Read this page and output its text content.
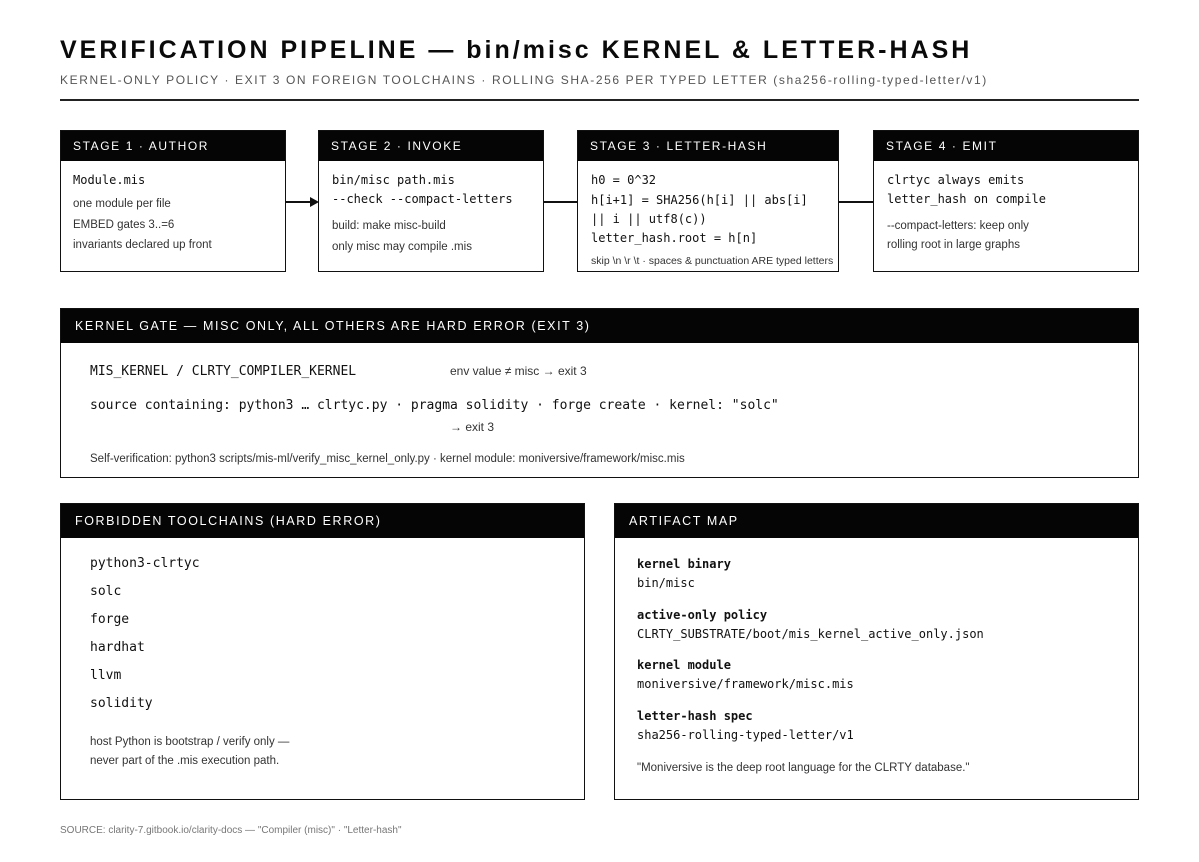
VERIFICATION PIPELINE — bin/misc KERNEL & LETTER-HASH
KERNEL-ONLY POLICY · EXIT 3 ON FOREIGN TOOLCHAINS · ROLLING SHA-256 PER TYPED LETTER (sha256-rolling-typed-letter/v1)
STAGE 1 · AUTHOR
Module.mis
one module per file
EMBED gates 3..=6
invariants declared up front
STAGE 2 · INVOKE
bin/misc path.mis
--check --compact-letters
build: make misc-build
only misc may compile .mis
STAGE 3 · LETTER-HASH
h0 = 0^32
h[i+1] = SHA256(h[i] || abs[i]
|| i || utf8(c))
letter_hash.root = h[n]
skip \n \r \t · spaces & punctuation ARE typed letters
STAGE 4 · EMIT
clrtyc always emits
letter_hash on compile
--compact-letters: keep only
rolling root in large graphs
KERNEL GATE — MISC ONLY, ALL OTHERS ARE HARD ERROR (EXIT 3)
MIS_KERNEL / CLRTY_COMPILER_KERNEL	env value ≠ misc → exit 3
source containing: python3 … clrtyc.py · pragma solidity · forge create · kernel: "solc"
→ exit 3
Self-verification: python3 scripts/mis-ml/verify_misc_kernel_only.py · kernel module: moniversive/framework/misc.mis
FORBIDDEN TOOLCHAINS (HARD ERROR)
python3-clrtyc
solc
forge
hardhat
llvm
solidity
host Python is bootstrap / verify only —
never part of the .mis execution path.
ARTIFACT MAP
kernel binary
bin/misc
active-only policy
CLRTY_SUBSTRATE/boot/mis_kernel_active_only.json
kernel module
moniversive/framework/misc.mis
letter-hash spec
sha256-rolling-typed-letter/v1
"Moniversive is the deep root language for the CLRTY database."
SOURCE: clarity-7.gitbook.io/clarity-docs — "Compiler (misc)" · "Letter-hash"
